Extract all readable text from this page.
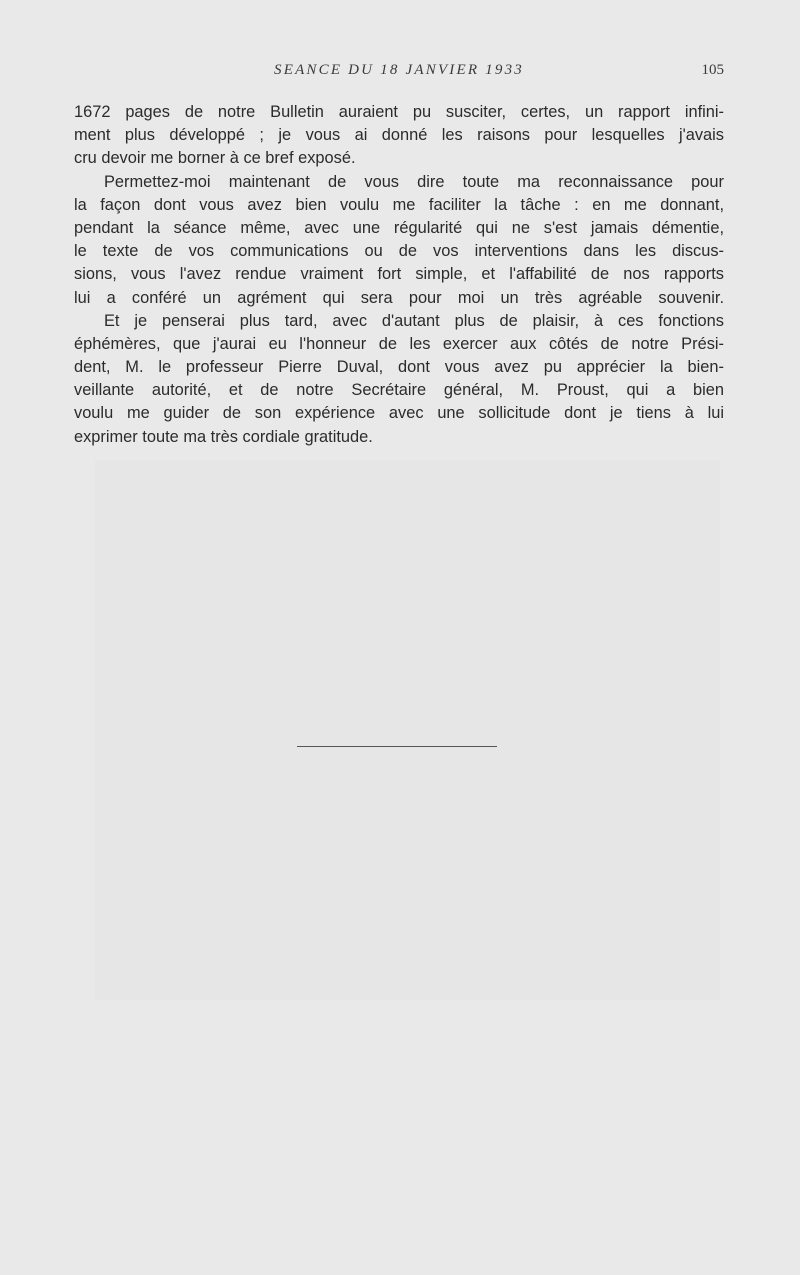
SEANCE DU 18 JANVIER 1933	105
1672 pages de notre Bulletin auraient pu susciter, certes, un rapport infini-
ment plus développé ; je vous ai donné les raisons pour lesquelles j'avais
cru devoir me borner à ce bref exposé.
Permettez-moi maintenant de vous dire toute ma reconnaissance pour
la façon dont vous avez bien voulu me faciliter la tâche : en me donnant,
pendant la séance même, avec une régularité qui ne s'est jamais démentie,
le texte de vos communications ou de vos interventions dans les discus-
sions, vous l'avez rendue vraiment fort simple, et l'affabilité de nos rapports
lui a conféré un agrément qui sera pour moi un très agréable souvenir.
Et je penserai plus tard, avec d'autant plus de plaisir, à ces fonctions
éphémères, que j'aurai eu l'honneur de les exercer aux côtés de notre Prési-
dent, M. le professeur Pierre Duval, dont vous avez pu apprécier la bien-
veillante autorité, et de notre Secrétaire général, M. Proust, qui a bien
voulu me guider de son expérience avec une sollicitude dont je tiens à lui
exprimer toute ma très cordiale gratitude.
